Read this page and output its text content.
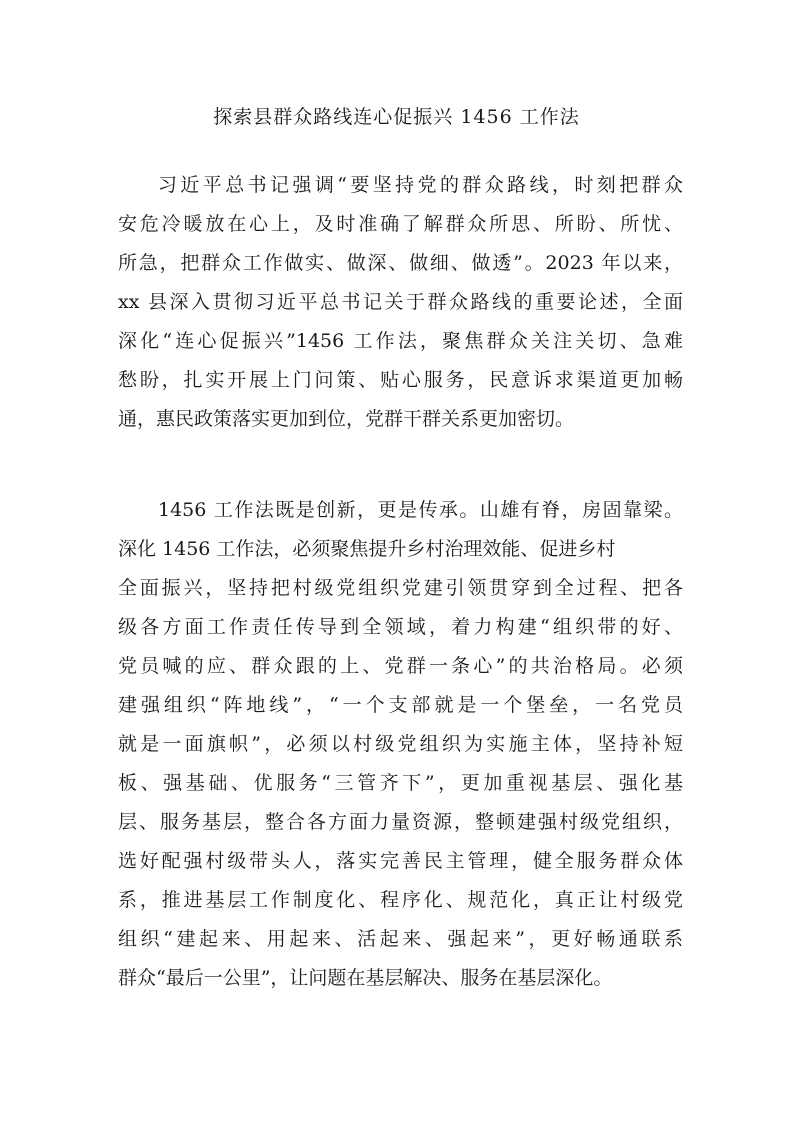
探索县群众路线连心促振兴 1456 工作法
习近平总书记强调“要坚持党的群众路线，时刻把群众
安危冷暖放在心上，及时准确了解群众所思、所盼、所忧、
所急，把群众工作做实、做深、做细、做透”。2023 年以来，
xx 县深入贯彻习近平总书记关于群众路线的重要论述，全面
深化“连心促振兴”1456 工作法，聚焦群众关注关切、急难
愁盼，扎实开展上门问策、贴心服务，民意诉求渠道更加畅
通，惠民政策落实更加到位，党群干群关系更加密切。
1456 工作法既是创新，更是传承。山雄有脊，房固靠梁。
深化 1456 工作法，必须聚焦提升乡村治理效能、促进乡村
全面振兴，坚持把村级党组织党建引领贯穿到全过程、把各
级各方面工作责任传导到全领域，着力构建“组织带的好、
党员喊的应、群众跟的上、党群一条心”的共治格局。必须
建强组织“阵地线”，“一个支部就是一个堡垒，一名党员
就是一面旗帜”，必须以村级党组织为实施主体，坚持补短
板、强基础、优服务“三管齐下”，更加重视基层、强化基
层、服务基层，整合各方面力量资源，整顿建强村级党组织，
选好配强村级带头人，落实完善民主管理，健全服务群众体
系，推进基层工作制度化、程序化、规范化，真正让村级党
组织“建起来、用起来、活起来、强起来”，更好畅通联系
群众“最后一公里”，让问题在基层解决、服务在基层深化。
